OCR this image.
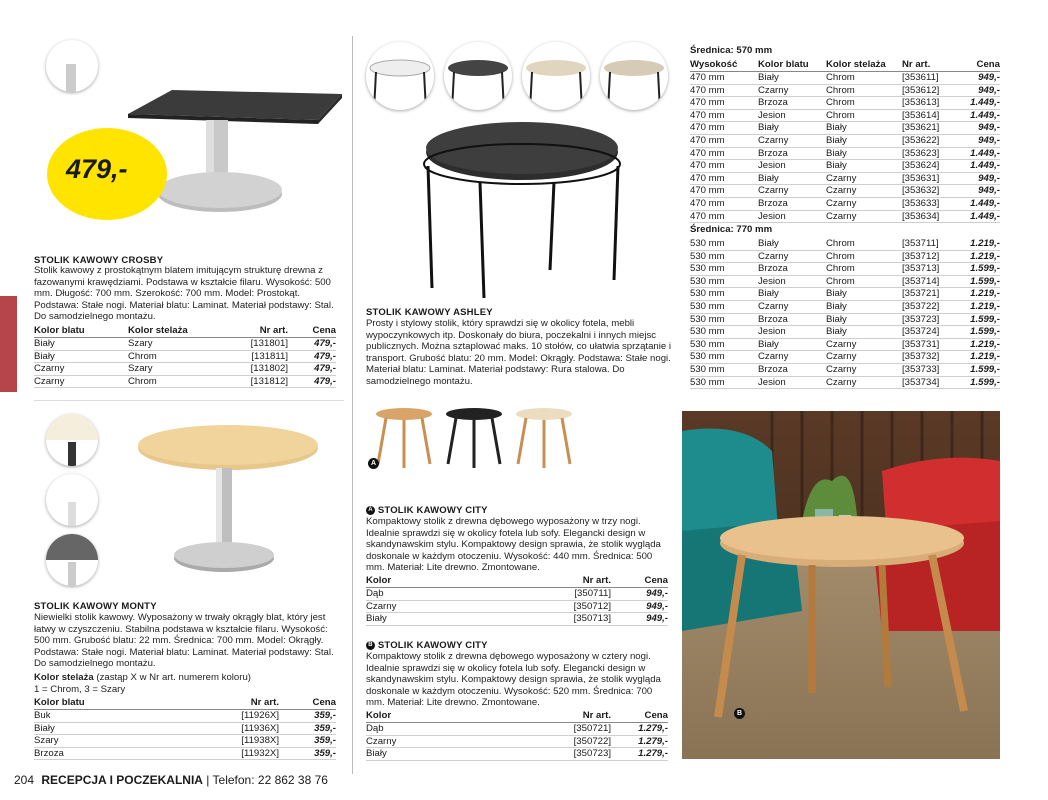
479,-
STOLIK KAWOWY CROSBY
Stolik kawowy z prostokątnym blatem imitującym strukturę drewna z fazowanymi krawędziami. Podstawa w kształcie filaru. Wysokość: 500 mm. Długość: 700 mm. Szerokość: 700 mm. Model: Prostokąt. Podstawa: Stałe nogi. Materiał blatu: Laminat. Materiał podstawy: Stal. Do samodzielnego montażu.
Kolor blatu	Kolor stelaża	Nr art.	Cena
Biały	Szary	[131801]	479,-
Biały	Chrom	[131811]	479,-
Czarny	Szary	[131802]	479,-
Czarny	Chrom	[131812]	479,-
STOLIK KAWOWY MONTY
Niewielki stolik kawowy. Wyposażony w trwały okrągły blat, który jest łatwy w czyszczeniu. Stabilna podstawa w kształcie filaru. Wysokość: 500 mm. Grubość blatu: 22 mm. Średnica: 700 mm. Model: Okrągły. Podstawa: Stałe nogi. Materiał blatu: Laminat. Materiał podstawy: Stal. Do samodzielnego montażu.
Kolor stelaża (zastąp X w Nr art. numerem koloru)
1 = Chrom, 3 = Szary
Kolor blatu	Nr art.	Cena
Buk	[11926X]	359,-
Biały	[11936X]	359,-
Szary	[11938X]	359,-
Brzoza	[11932X]	359,-
STOLIK KAWOWY ASHLEY
Prosty i stylowy stolik, który sprawdzi się w okolicy fotela, mebli wypoczynkowych itp. Doskonały do biura, poczekalni i innych miejsc publicznych. Można sztaplować maks. 10 stołów, co ułatwia sprzątanie i transport. Grubość blatu: 20 mm. Model: Okrągły. Podstawa: Stałe nogi. Materiał blatu: Laminat. Materiał podstawy: Rura stalowa. Do samodzielnego montażu.
Średnica: 570 mm
Wysokość	Kolor blatu	Kolor stelaża	Nr art.	Cena
470 mm	Biały	Chrom	[353611]	949,-
470 mm	Czarny	Chrom	[353612]	949,-
470 mm	Brzoza	Chrom	[353613]	1.449,-
470 mm	Jesion	Chrom	[353614]	1.449,-
470 mm	Biały	Biały	[353621]	949,-
470 mm	Czarny	Biały	[353622]	949,-
470 mm	Brzoza	Biały	[353623]	1.449,-
470 mm	Jesion	Biały	[353624]	1.449,-
470 mm	Biały	Czarny	[353631]	949,-
470 mm	Czarny	Czarny	[353632]	949,-
470 mm	Brzoza	Czarny	[353633]	1.449,-
470 mm	Jesion	Czarny	[353634]	1.449,-
Średnica: 770 mm
530 mm	Biały	Chrom	[353711]	1.219,-
530 mm	Czarny	Chrom	[353712]	1.219,-
530 mm	Brzoza	Chrom	[353713]	1.599,-
530 mm	Jesion	Chrom	[353714]	1.599,-
530 mm	Biały	Biały	[353721]	1.219,-
530 mm	Czarny	Biały	[353722]	1.219,-
530 mm	Brzoza	Biały	[353723]	1.599,-
530 mm	Jesion	Biały	[353724]	1.599,-
530 mm	Biały	Czarny	[353731]	1.219,-
530 mm	Czarny	Czarny	[353732]	1.219,-
530 mm	Brzoza	Czarny	[353733]	1.599,-
530 mm	Jesion	Czarny	[353734]	1.599,-
A
A STOLIK KAWOWY CITY
Kompaktowy stolik z drewna dębowego wyposażony w trzy nogi. Idealnie sprawdzi się w okolicy fotela lub sofy. Elegancki design w skandynawskim stylu. Kompaktowy design sprawia, że stolik wygląda doskonale w każdym otoczeniu. Wysokość: 440 mm. Średnica: 500 mm. Materiał: Lite drewno. Zmontowane.
Kolor	Nr art.	Cena
Dąb	[350711]	949,-
Czarny	[350712]	949,-
Biały	[350713]	949,-
B STOLIK KAWOWY CITY
Kompaktowy stolik z drewna dębowego wyposażony w cztery nogi. Idealnie sprawdzi się w okolicy fotela lub sofy. Elegancki design w skandynawskim stylu. Kompaktowy design sprawia, że stolik wygląda doskonale w każdym otoczeniu. Wysokość: 520 mm. Średnica: 700 mm. Materiał: Lite drewno. Zmontowane.
Kolor	Nr art.	Cena
Dąb	[350721]	1.279,-
Czarny	[350722]	1.279,-
Biały	[350723]	1.279,-
B
204 RECEPCJA I POCZEKALNIA | Telefon: 22 862 38 76
